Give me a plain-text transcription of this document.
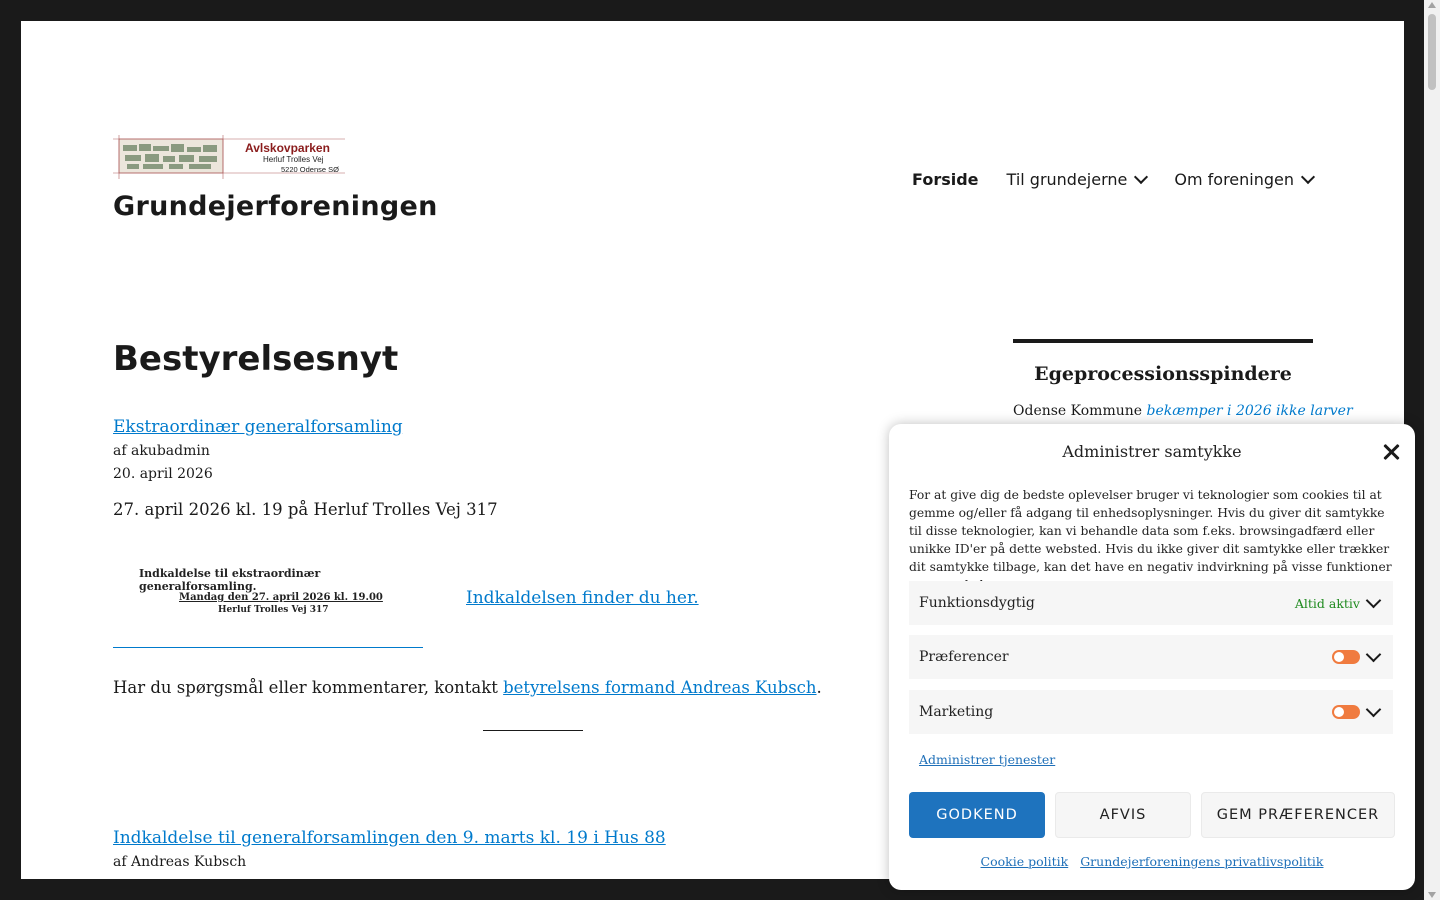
Avlskovparken
Herluf Trolles Vej
5220 Odense SØ
Grundejerforeningen
Forside Til grundejerne	Om foreningen
Bestyrelsesnyt
Ekstraordinær generalforsamling
af akubadmin
20. april 2026
27. april 2026 kl. 19 på Herluf Trolles Vej 317
Indkaldelse til ekstraordinær generalforsamling.
Mandag den 27. april 2026 kl. 19.00
Herluf Trolles Vej 317
Indkaldelsen finder du her.
Har du spørgsmål eller kommentarer, kontakt betyrelsens formand Andreas Kubsch.
Indkaldelse til generalforsamlingen den 9. marts kl. 19 i Hus 88
af Andreas Kubsch
Egeprocessionsspindere
Odense Kommune bekæmper i 2026 ikke larver
Administrer samtykke
For at give dig de bedste oplevelser bruger vi teknologier som cookies til at gemme og/eller få adgang til enhedsoplysninger. Hvis du giver dit samtykke til disse teknologier, kan vi behandle data som f.eks. browsingadfærd eller unikke ID'er på dette websted. Hvis du ikke giver dit samtykke eller trækker dit samtykke tilbage, kan det have en negativ indvirkning på visse funktioner
Funktionsdygtig	Altid aktiv
Præferencer
Marketing
Administrer tjenester
GODKEND	AFVIS	GEM PRÆFERENCER
Cookie politik Grundejerforeningens privatlivspolitik
